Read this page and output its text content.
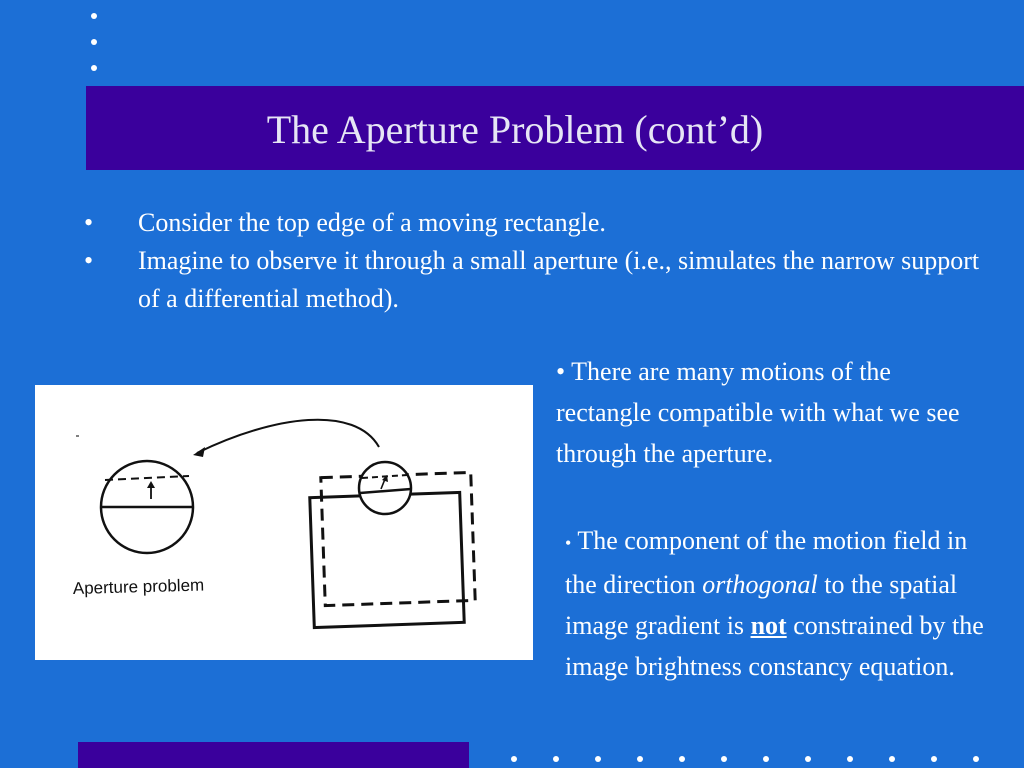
The Aperture Problem (cont’d)
•	Consider the top edge of a moving rectangle.
•	Imagine to observe it through a small aperture (i.e., simulates the narrow support of a differential method).
Aperture problem
• There are many motions of the rectangle compatible with what we see through the aperture.
• The component of the motion field in the direction orthogonal to the spatial image gradient is not constrained by the image brightness constancy equation.
